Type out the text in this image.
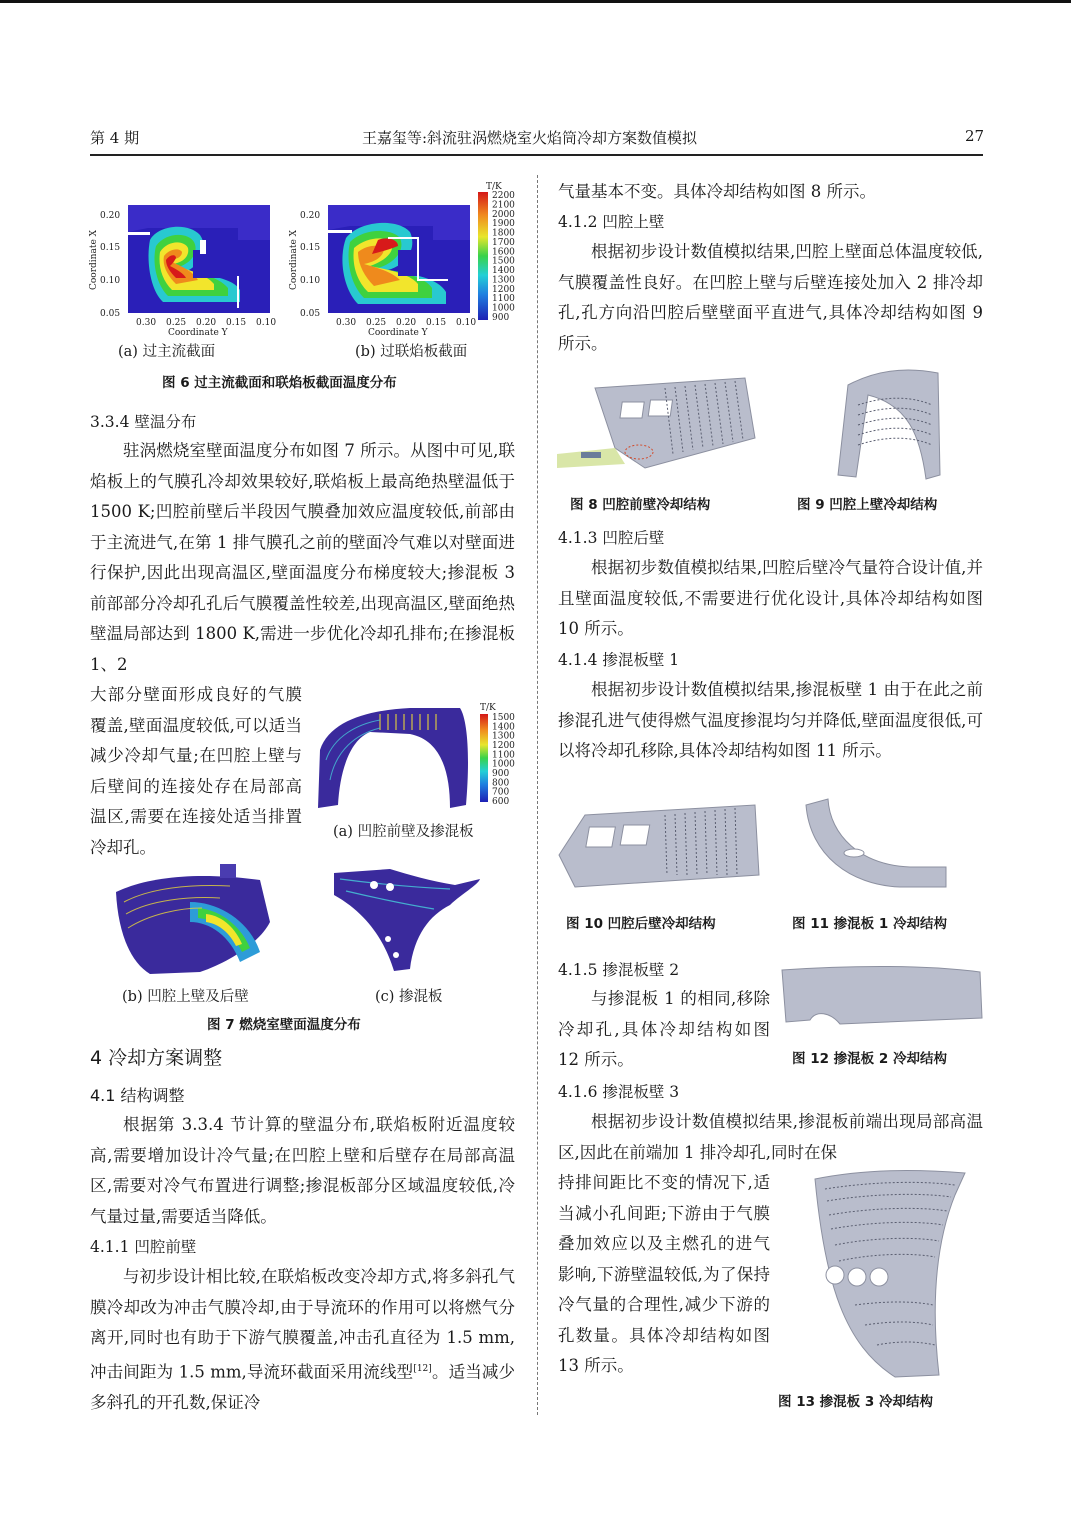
第 4 期	王嘉玺等:斜流驻涡燃烧室火焰筒冷却方案数值模拟	27
0.20
0.15
0.10
0.05
0.30 0.25 0.20 0.15 0.10
Coordinate Y
Coordinate X
0.20
0.15
0.10
0.05
0.30 0.25 0.20 0.15 0.10
Coordinate Y
Coordinate X
T/K
2200
2100
2000
1900
1800
1700
1600
1500
1400
1300
1200
1100
1000
900
(a) 过主流截面	(b) 过联焰板截面
图 6 过主流截面和联焰板截面温度分布
3.3.4 壁温分布
驻涡燃烧室壁面温度分布如图 7 所示。从图中可见,联焰板上的气膜孔冷却效果较好,联焰板上最高绝热壁温低于 1500 K;凹腔前壁后半段因气膜叠加效应温度较低,前部由于主流进气,在第 1 排气膜孔之前的壁面冷气难以对壁面进行保护,因此出现高温区,壁面温度分布梯度较大;掺混板 3 前部部分冷却孔孔后气膜覆盖性较差,出现高温区,壁面绝热壁温局部达到 1800 K,需进一步优化冷却孔排布;在掺混板1、2
大部分壁面形成良好的气膜覆盖,壁面温度较低,可以适当减少冷却气量;在凹腔上壁与后壁间的连接处存在局部高温区,需要在连接处适当排置冷却孔。
T/K
1500
1400
1300
1200
1100
1000
900
800
700
600
(a) 凹腔前壁及掺混板
(b) 凹腔上壁及后壁	(c) 掺混板
图 7 燃烧室壁面温度分布
4 冷却方案调整
4.1 结构调整
根据第 3.3.4 节计算的壁温分布,联焰板附近温度较高,需要增加设计冷气量;在凹腔上壁和后壁存在局部高温区,需要对冷气布置进行调整;掺混板部分区域温度较低,冷气量过量,需要适当降低。
4.1.1 凹腔前壁
与初步设计相比较,在联焰板改变冷却方式,将多斜孔气膜冷却改为冲击气膜冷却,由于导流环的作用可以将燃气分离开,同时也有助于下游气膜覆盖,冲击孔直径为 1.5 mm,冲击间距为 1.5 mm,导流环截面采用流线型[12]。适当减少多斜孔的开孔数,保证冷
气量基本不变。具体冷却结构如图 8 所示。
4.1.2 凹腔上壁
根据初步设计数值模拟结果,凹腔上壁面总体温度较低,气膜覆盖性良好。在凹腔上壁与后壁连接处加入 2 排冷却孔,孔方向沿凹腔后壁壁面平直进气,具体冷却结构如图 9 所示。
图 8 凹腔前壁冷却结构	图 9 凹腔上壁冷却结构
4.1.3 凹腔后壁
根据初步数值模拟结果,凹腔后壁冷气量符合设计值,并且壁面温度较低,不需要进行优化设计,具体冷却结构如图 10 所示。
4.1.4 掺混板壁 1
根据初步设计数值模拟结果,掺混板壁 1 由于在此之前掺混孔进气使得燃气温度掺混均匀并降低,壁面温度很低,可以将冷却孔移除,具体冷却结构如图 11 所示。
图 10 凹腔后壁冷却结构	图 11 掺混板 1 冷却结构
4.1.5 掺混板壁 2
与掺混板 1 的相同,移除冷却孔,具体冷却结构如图 12 所示。	图 12 掺混板 2 冷却结构
4.1.6 掺混板壁 3
根据初步设计数值模拟结果,掺混板前端出现局部高温区,因此在前端加 1 排冷却孔,同时在保
持排间距比不变的情况下,适当减小孔间距;下游由于气膜叠加效应以及主燃孔的进气影响,下游壁温较低,为了保持冷气量的合理性,减少下游的孔数量。具体冷却结构如图 13 所示。
图 13 掺混板 3 冷却结构
